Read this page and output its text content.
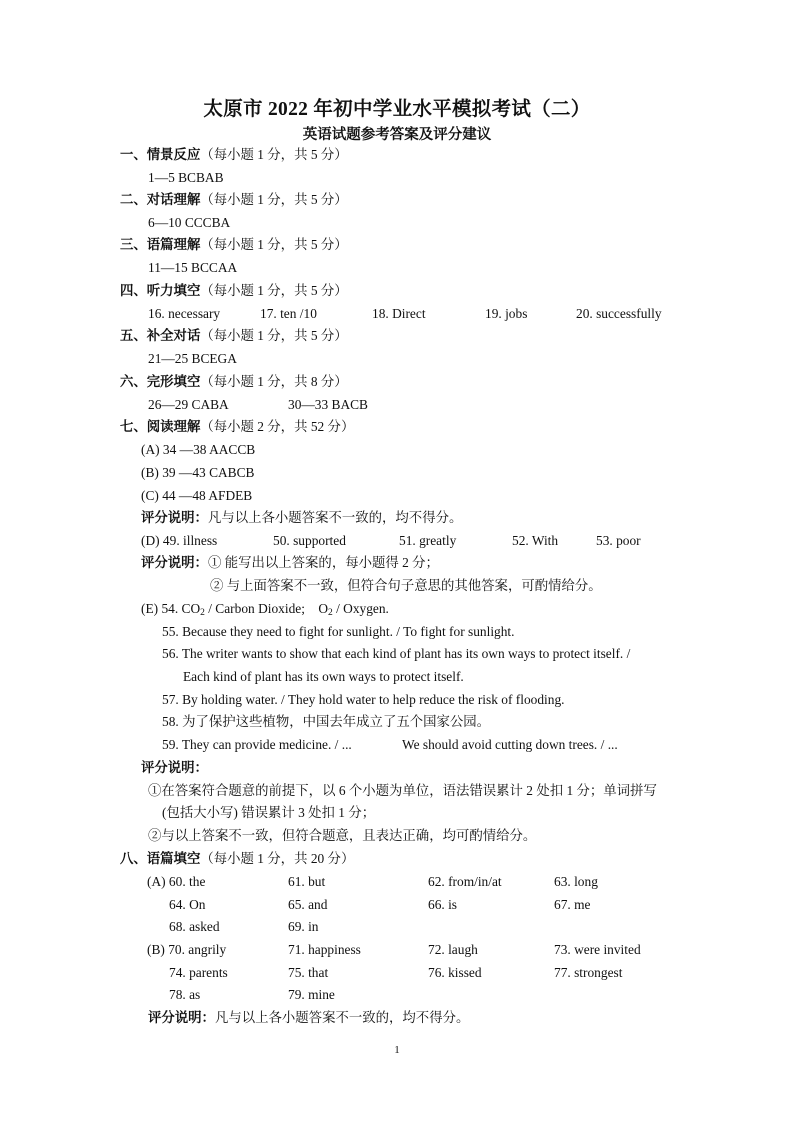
太原市 2022 年初中学业水平模拟考试（二）
英语试题参考答案及评分建议
一、情景反应（每小题 1 分，共 5 分）
1—5 BCBAB
二、对话理解（每小题 1 分，共 5 分）
6—10 CCCBA
三、语篇理解（每小题 1 分，共 5 分）
11—15 BCCAA
四、听力填空（每小题 1 分，共 5 分）
16. necessary	17. ten /10	18. Direct	19. jobs	20. successfully
五、补全对话（每小题 1 分，共 5 分）
21—25 BCEGA
六、完形填空（每小题 1 分，共 8 分）
26—29 CABA	30—33 BACB
七、阅读理解（每小题 2 分，共 52 分）
(A) 34 —38 AACCB
(B) 39 —43 CABCB
(C) 44 —48 AFDEB
评分说明：凡与以上各小题答案不一致的，均不得分。
(D) 49. illness	50. supported	51. greatly	52. With	53. poor
评分说明：① 能写出以上答案的，每小题得 2 分；
② 与上面答案不一致，但符合句子意思的其他答案，可酌情给分。
(E) 54. $CO_2$ / Carbon Dioxide;    $O_2$ / Oxygen.
55. Because they need to fight for sunlight. / To fight for sunlight.
56. The writer wants to show that each kind of plant has its own ways to protect itself. /
Each kind of plant has its own ways to protect itself.
57. By holding water. / They hold water to help reduce the risk of flooding.
58. 为了保护这些植物，中国去年成立了五个国家公园。
59. They can provide medicine. / ...	We should avoid cutting down trees. / ...
评分说明：
①在答案符合题意的前提下，以 6 个小题为单位，语法错误累计 2 处扣 1 分；单词拼写
(包括大小写) 错误累计 3 处扣 1 分；
②与以上答案不一致，但符合题意，且表达正确，均可酌情给分。
八、语篇填空（每小题 1 分，共 20 分）
(A) 60. the	61. but	62. from/in/at	63. long
64. On	65. and	66. is	67. me
68. asked	69. in
(B) 70. angrily	71. happiness	72. laugh	73. were invited
74. parents	75. that	76. kissed	77. strongest
78. as	79. mine
评分说明：凡与以上各小题答案不一致的，均不得分。
1
